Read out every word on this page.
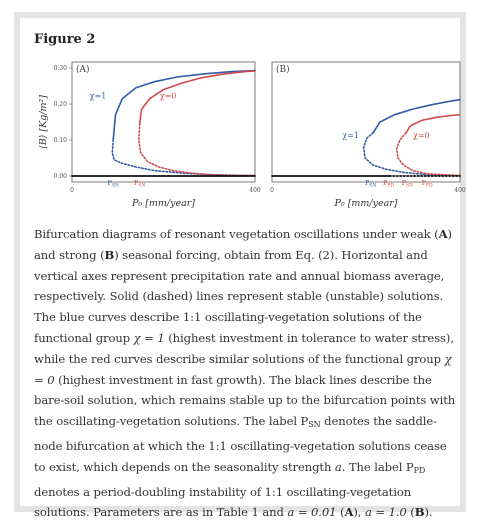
Figure 2
(A)
0.00
0.10
0.20
0.30
⟨B⟩ [Kg/m²]
0	400
P₀ [mm/year]
χ=1	χ=0
$P_{SN}$ $P_{SN}$
(B)
0	400
P₀ [mm/year]
χ=1	χ=0
$P_{SN}$ $P_{PD}$ $P_{SN}$ $P_{PD}$
Bifurcation diagrams of resonant vegetation oscillations under weak (A) and strong (B) seasonal forcing, obtain from Eq. (2). Horizontal and vertical axes represent precipitation rate and annual biomass average, respectively. Solid (dashed) lines represent stable (unstable) solutions. The blue curves describe 1:1 oscillating-vegetation solutions of the functional group χ = 1 (highest investment in tolerance to water stress), while the red curves describe similar solutions of the functional group χ = 0 (highest investment in fast growth). The black lines describe the bare-soil solution, which remains stable up to the bifurcation points with the oscillating-vegetation solutions. The label $P_{SN}$ denotes the saddle-node bifurcation at which the 1:1 oscillating-vegetation solutions cease to exist, which depends on the seasonality strength a. The label $P_{PD}$ denotes a period-doubling instability of 1:1 oscillating-vegetation solutions. Parameters are as in Table 1 and a = 0.01 (A), a = 1.0 (B).
